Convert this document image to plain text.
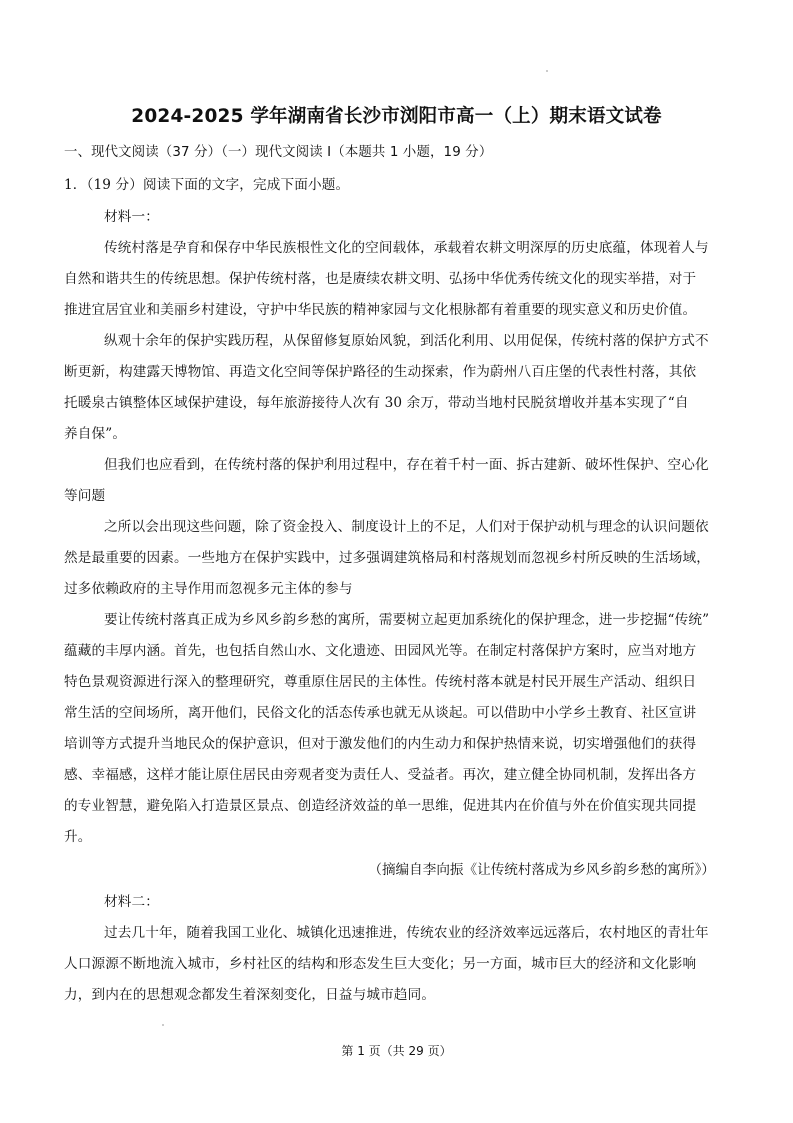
2024-2025 学年湖南省长沙市浏阳市高一（上）期末语文试卷
一、现代文阅读（37 分）（一）现代文阅读 I（本题共 1 小题，19 分）
1．（19 分）阅读下面的文字，完成下面小题。
材料一：
传统村落是孕育和保存中华民族根性文化的空间载体，承载着农耕文明深厚的历史底蕴，体现着人与
自然和谐共生的传统思想。保护传统村落，也是赓续农耕文明、弘扬中华优秀传统文化的现实举措，对于
推进宜居宜业和美丽乡村建设，守护中华民族的精神家园与文化根脉都有着重要的现实意义和历史价值。
纵观十余年的保护实践历程，从保留修复原始风貌，到活化利用、以用促保，传统村落的保护方式不
断更新，构建露天博物馆、再造文化空间等保护路径的生动探索，作为蔚州八百庄堡的代表性村落，其依
托暖泉古镇整体区域保护建设，每年旅游接待人次有 30 余万，带动当地村民脱贫增收并基本实现了“自
养自保”。
但我们也应看到，在传统村落的保护利用过程中，存在着千村一面、拆古建新、破坏性保护、空心化
等问题
之所以会出现这些问题，除了资金投入、制度设计上的不足，人们对于保护动机与理念的认识问题依
然是最重要的因素。一些地方在保护实践中，过多强调建筑格局和村落规划而忽视乡村所反映的生活场域，
过多依赖政府的主导作用而忽视多元主体的参与
要让传统村落真正成为乡风乡韵乡愁的寓所，需要树立起更加系统化的保护理念，进一步挖掘“传统”
蕴藏的丰厚内涵。首先，也包括自然山水、文化遗迹、田园风光等。在制定村落保护方案时，应当对地方
特色景观资源进行深入的整理研究，尊重原住居民的主体性。传统村落本就是村民开展生产活动、组织日
常生活的空间场所，离开他们，民俗文化的活态传承也就无从谈起。可以借助中小学乡土教育、社区宣讲
培训等方式提升当地民众的保护意识，但对于激发他们的内生动力和保护热情来说，切实增强他们的获得
感、幸福感，这样才能让原住居民由旁观者变为责任人、受益者。再次，建立健全协同机制，发挥出各方
的专业智慧，避免陷入打造景区景点、创造经济效益的单一思维，促进其内在价值与外在价值实现共同提
升。
（摘编自李向振《让传统村落成为乡风乡韵乡愁的寓所》）
材料二：
过去几十年，随着我国工业化、城镇化迅速推进，传统农业的经济效率远远落后，农村地区的青壮年
人口源源不断地流入城市，乡村社区的结构和形态发生巨大变化；另一方面，城市巨大的经济和文化影响
力，到内在的思想观念都发生着深刻变化，日益与城市趋同。
第 1 页（共 29 页）
